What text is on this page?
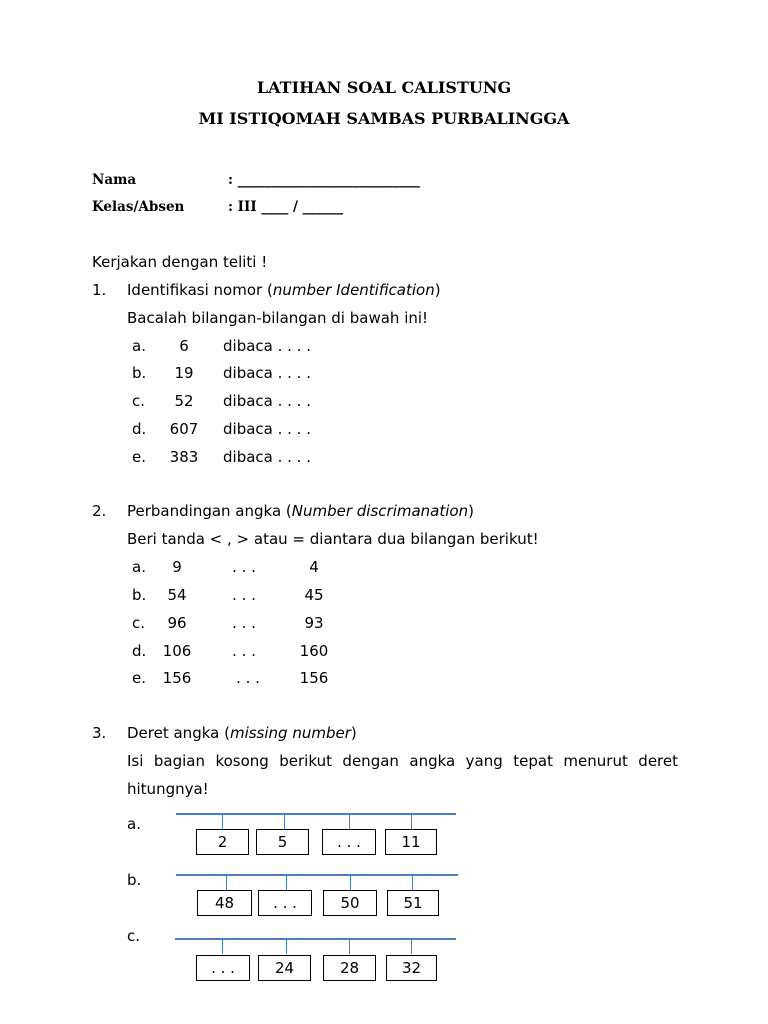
LATIHAN SOAL CALISTUNG
MI ISTIQOMAH SAMBAS PURBALINGGA
Nama	: ___________________________
Kelas/Absen	: III ____ / ______
Kerjakan dengan teliti !
1. Identifikasi nomor (number Identification)
Bacalah bilangan-bilangan di bawah ini!
a.	6	dibaca . . . .
b.	19	dibaca . . . .
c.	52	dibaca . . . .
d.	607	dibaca . . . .
e.	383	dibaca . . . .
2. Perbandingan angka (Number discrimanation)
Beri tanda < , > atau = diantara dua bilangan berikut!
a.	9	. . .	4
b.	54	. . .	45
c.	96	. . .	93
d. 106	. . .	160
e. 156	. . .	156
3. Deret angka (missing number)
Isi bagian kosong berikut dengan angka yang tepat menurut deret
hitungnya!
a.
2	5	. . .	11
b.
48	. . .	50	51
c.
. . .	24	28	32
